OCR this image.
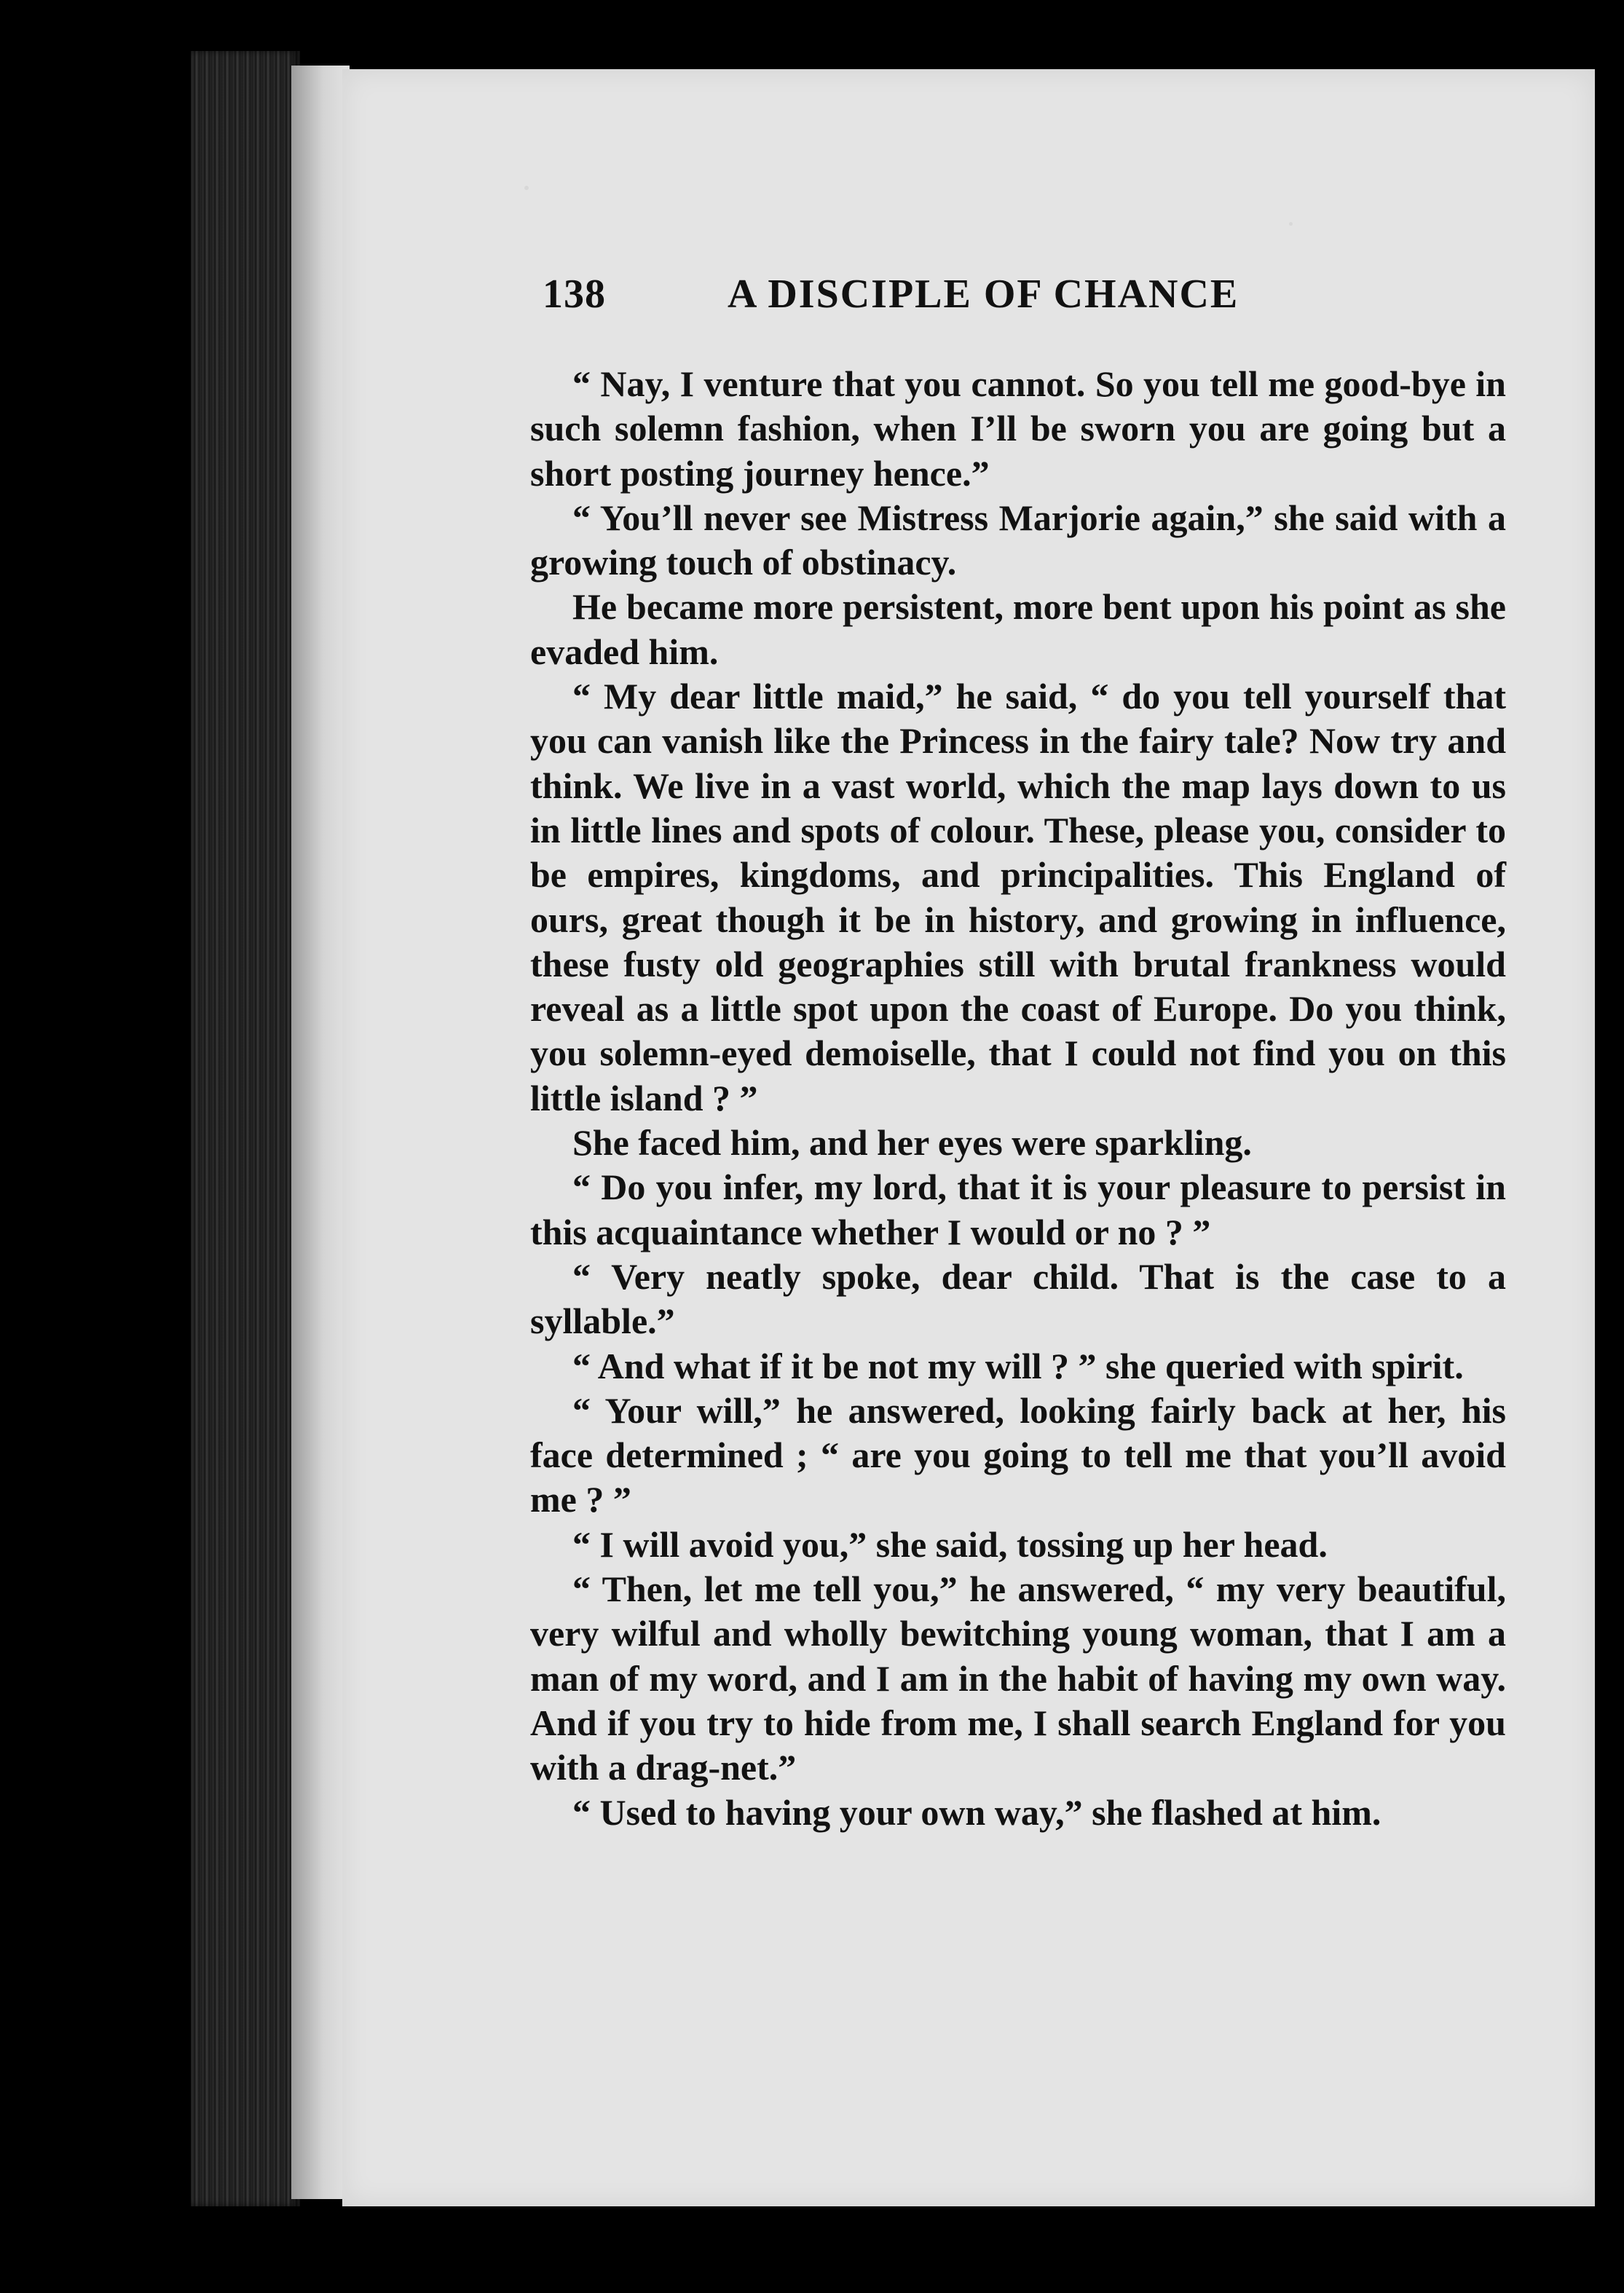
138	A DISCIPLE OF CHANCE

“ Nay, I venture that you cannot. So you tell me good-bye in such solemn fashion, when I’ll be sworn you are going but a short posting journey hence.”

“ You’ll never see Mistress Marjorie again,” she said with a growing touch of obstinacy.

He became more persistent, more bent upon his point as she evaded him.

“ My dear little maid,” he said, “ do you tell yourself that you can vanish like the Princess in the fairy tale? Now try and think. We live in a vast world, which the map lays down to us in little lines and spots of colour. These, please you, consider to be empires, kingdoms, and principalities. This England of ours, great though it be in history, and growing in influence, these fusty old geographies still with brutal frankness would reveal as a little spot upon the coast of Europe. Do you think, you solemn-eyed demoiselle, that I could not find you on this little island ? ”

She faced him, and her eyes were sparkling.

“ Do you infer, my lord, that it is your pleasure to persist in this acquaintance whether I would or no ? ”

“ Very neatly spoke, dear child. That is the case to a syllable.”

“ And what if it be not my will ? ” she queried with spirit.

“ Your will,” he answered, looking fairly back at her, his face determined ; “ are you going to tell me that you’ll avoid me ? ”

“ I will avoid you,” she said, tossing up her head.

“ Then, let me tell you,” he answered, “ my very beautiful, very wilful and wholly bewitching young woman, that I am a man of my word, and I am in the habit of having my own way. And if you try to hide from me, I shall search England for you with a drag-net.”

“ Used to having your own way,” she flashed at him.
